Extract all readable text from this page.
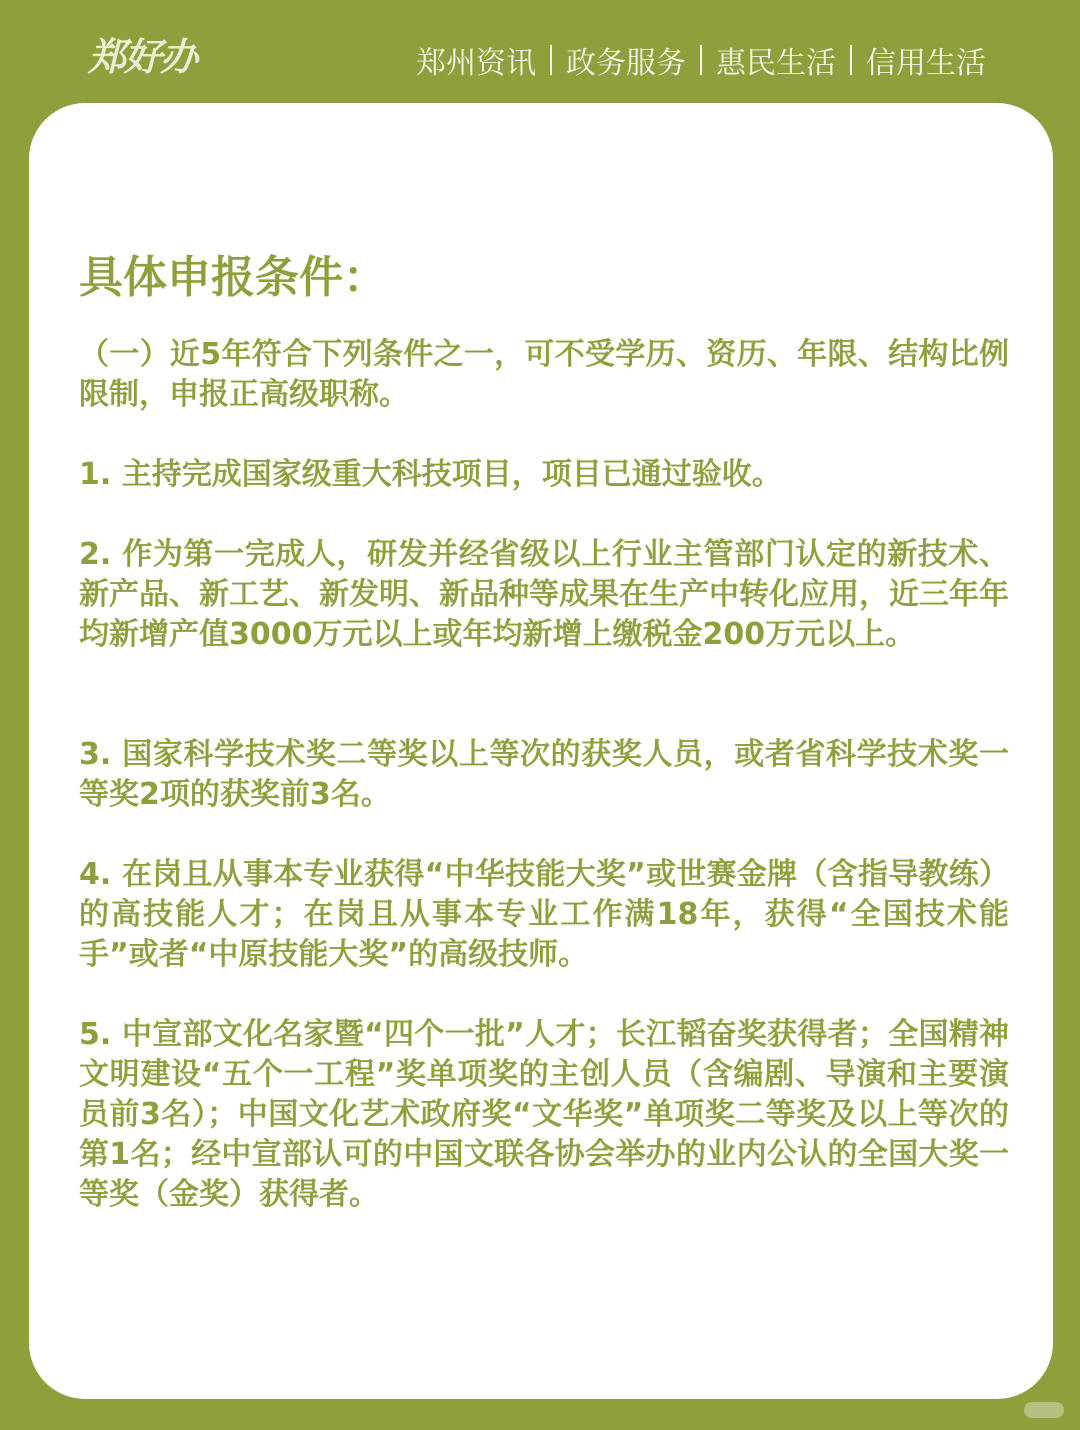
郑好办	郑州资讯 政务服务 惠民生活 信用生活
具体申报条件：

（一）近5年符合下列条件之一，可不受学历、资历、年限、结构比例限制，申报正高级职称。

1. 主持完成国家级重大科技项目，项目已通过验收。

2. 作为第一完成人，研发并经省级以上行业主管部门认定的新技术、新产品、新工艺、新发明、新品种等成果在生产中转化应用，近三年年均新增产值3000万元以上或年均新增上缴税金200万元以上。

3. 国家科学技术奖二等奖以上等次的获奖人员，或者省科学技术奖一等奖2项的获奖前3名。

4. 在岗且从事本专业获得“中华技能大奖”或世赛金牌（含指导教练）的高技能人才；在岗且从事本专业工作满18年，获得“全国技术能手”或者“中原技能大奖”的高级技师。

5. 中宣部文化名家暨“四个一批”人才；长江韬奋奖获得者；全国精神文明建设“五个一工程”奖单项奖的主创人员（含编剧、导演和主要演员前3名）；中国文化艺术政府奖“文华奖”单项奖二等奖及以上等次的第1名；经中宣部认可的中国文联各协会举办的业内公认的全国大奖一等奖（金奖）获得者。
